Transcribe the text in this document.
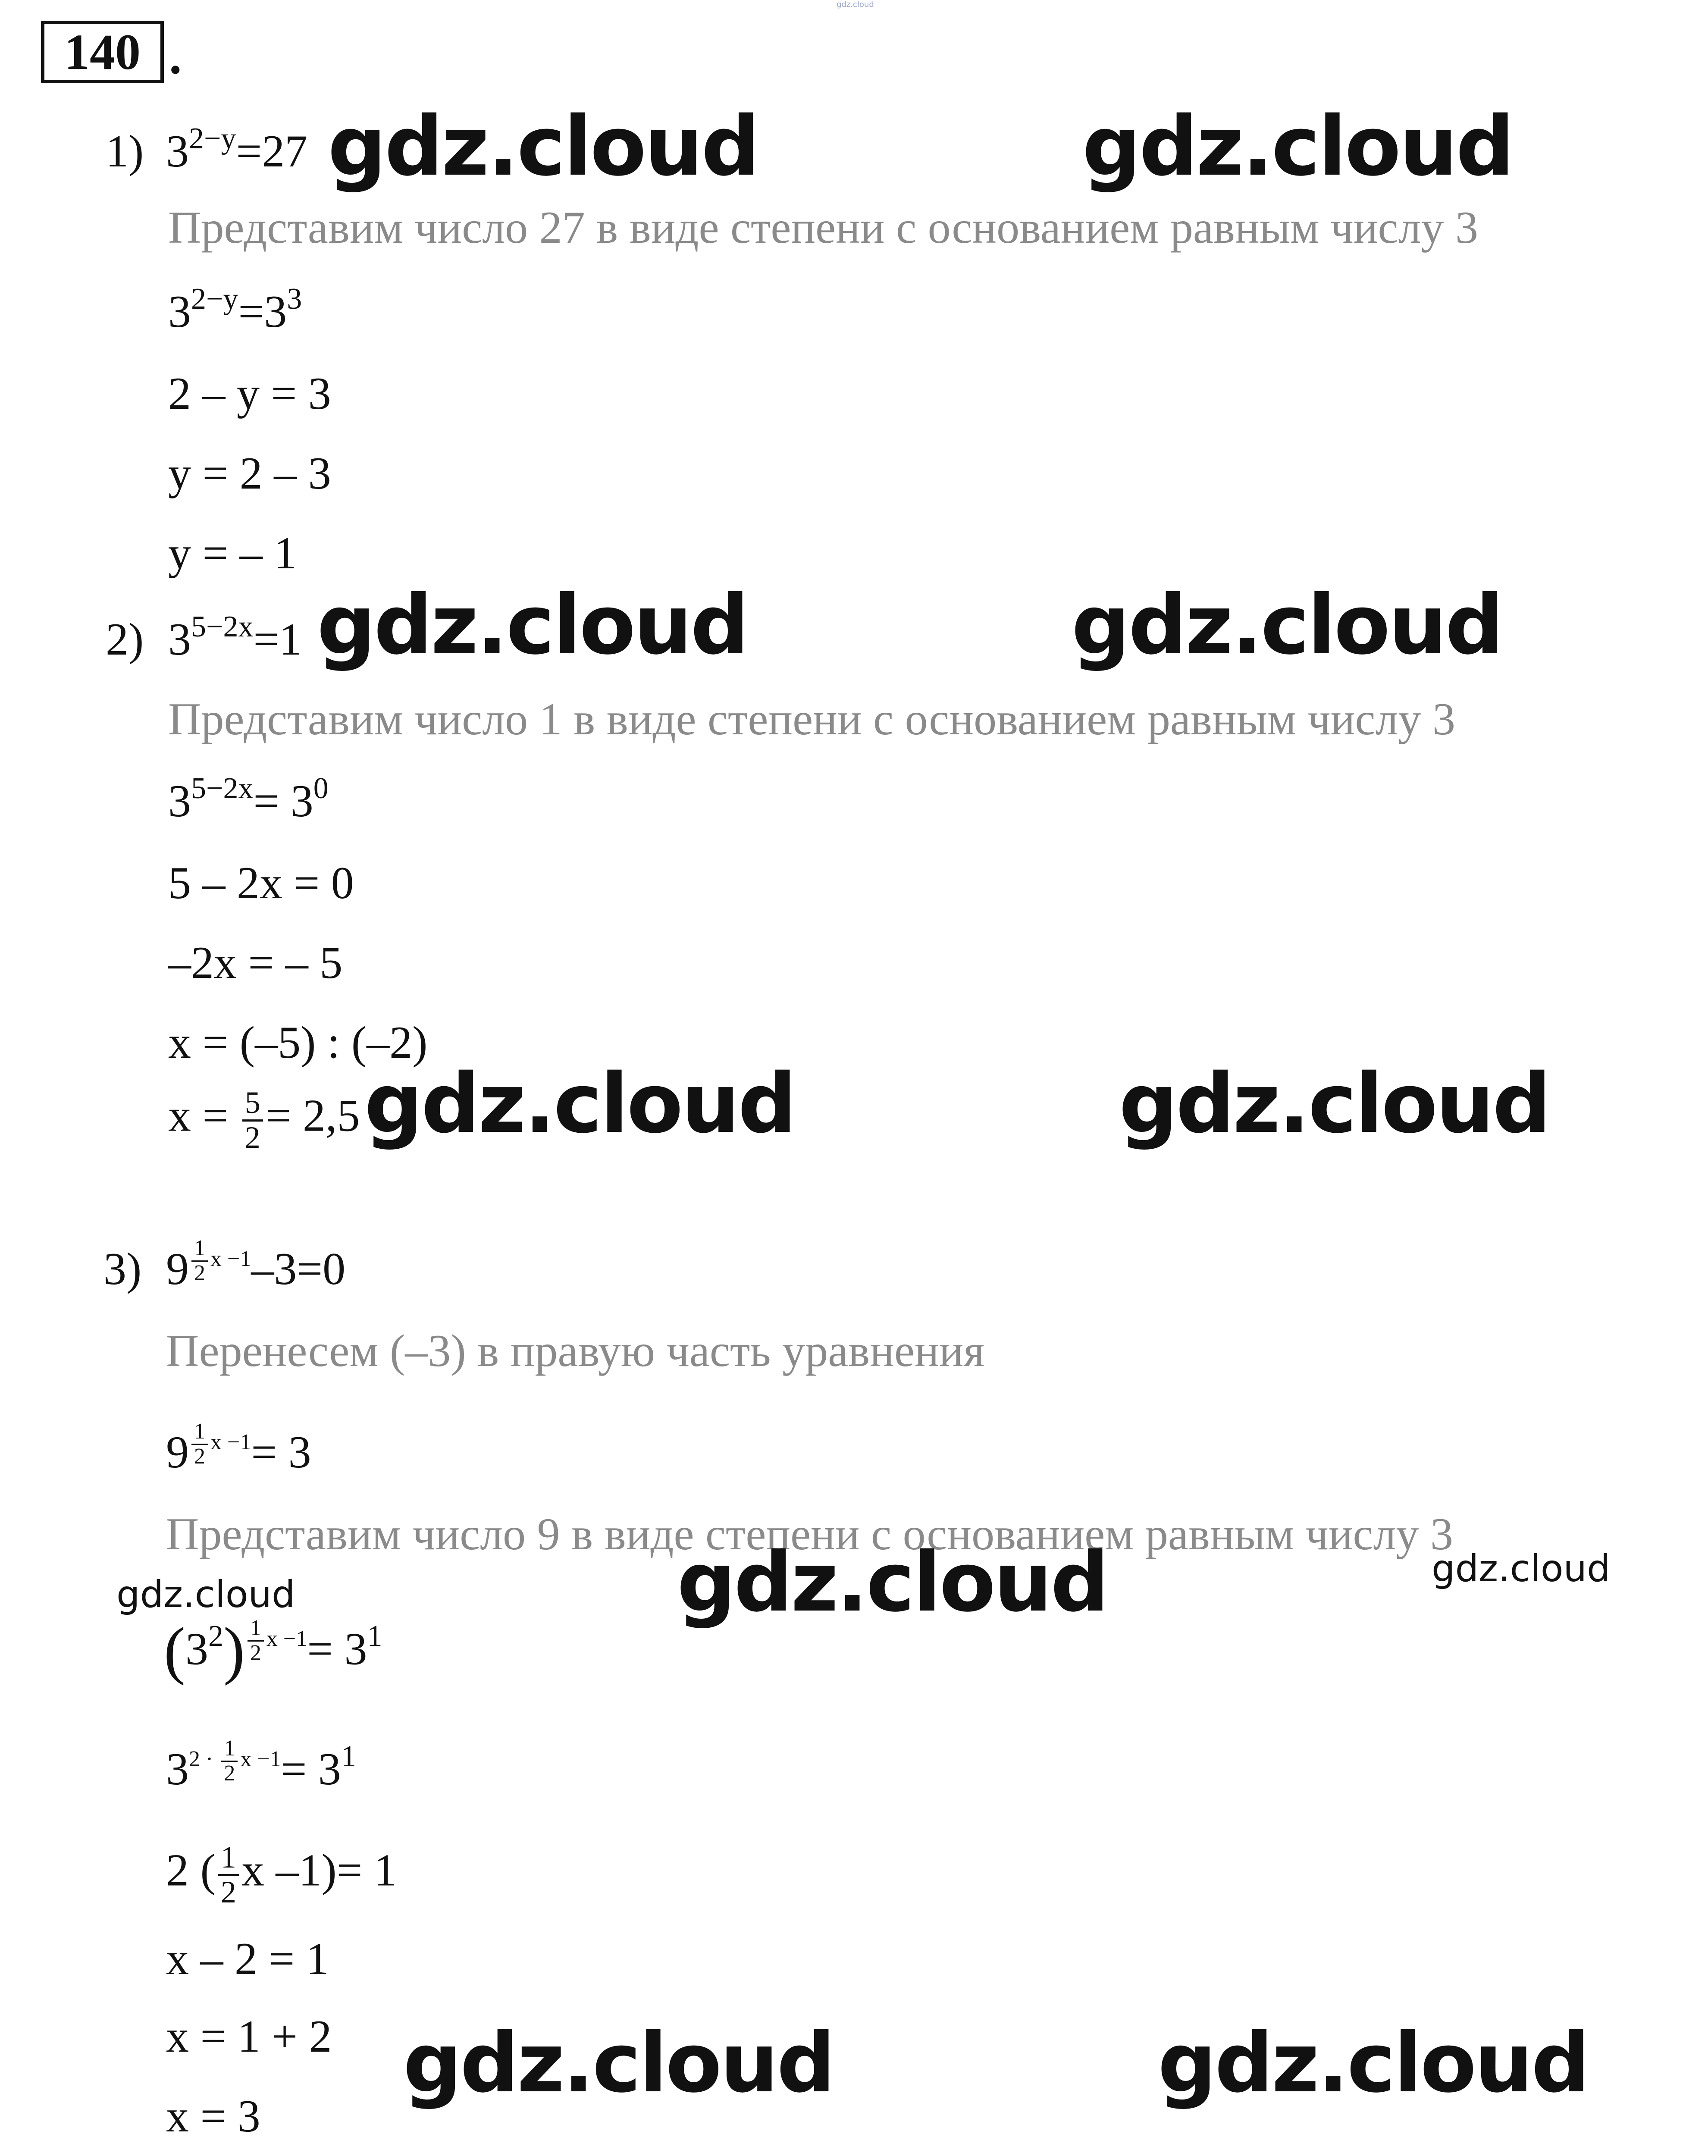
gdz.cloud
140 .
1) $3^{2-y}=27$
Представим число 27 в виде степени с основанием равным числу 3
$3^{2-y}=3^3$
2 – y = 3
y = 2 – 3
y = – 1
2) $3^{5-2x}=1$
Представим число 1 в виде степени с основанием равным числу 3
$3^{5-2x}= 3^0$
5 – 2x = 0
–2x = – 5
x = (–5) : (–2)
$x = \frac{5}{2} = 2,5$
3) 9 $^{\frac{1}{2} x -1}$–3=0
Перенесем (–3) в правую часть уравнения
9 $^{\frac{1}{2} x -1}$= 3
Представим число 9 в виде степени с основанием равным числу 3
$(3^2)$ $^{\frac{1}{2} x -1}= 3^1$
$3^{2 \cdot \frac{1}{2} x -1}= 3^1$
2 ( $\frac{1}{2}$ x –1)= 1
x – 2 = 1
x = 1 + 2
x = 3
gdz.cloud	gdz.cloud
gdz.cloud	gdz.cloud
gdz.cloud	gdz.cloud
gdz.cloud	gdz.cloud	gdz.cloud
gdz.cloud	gdz.cloud
